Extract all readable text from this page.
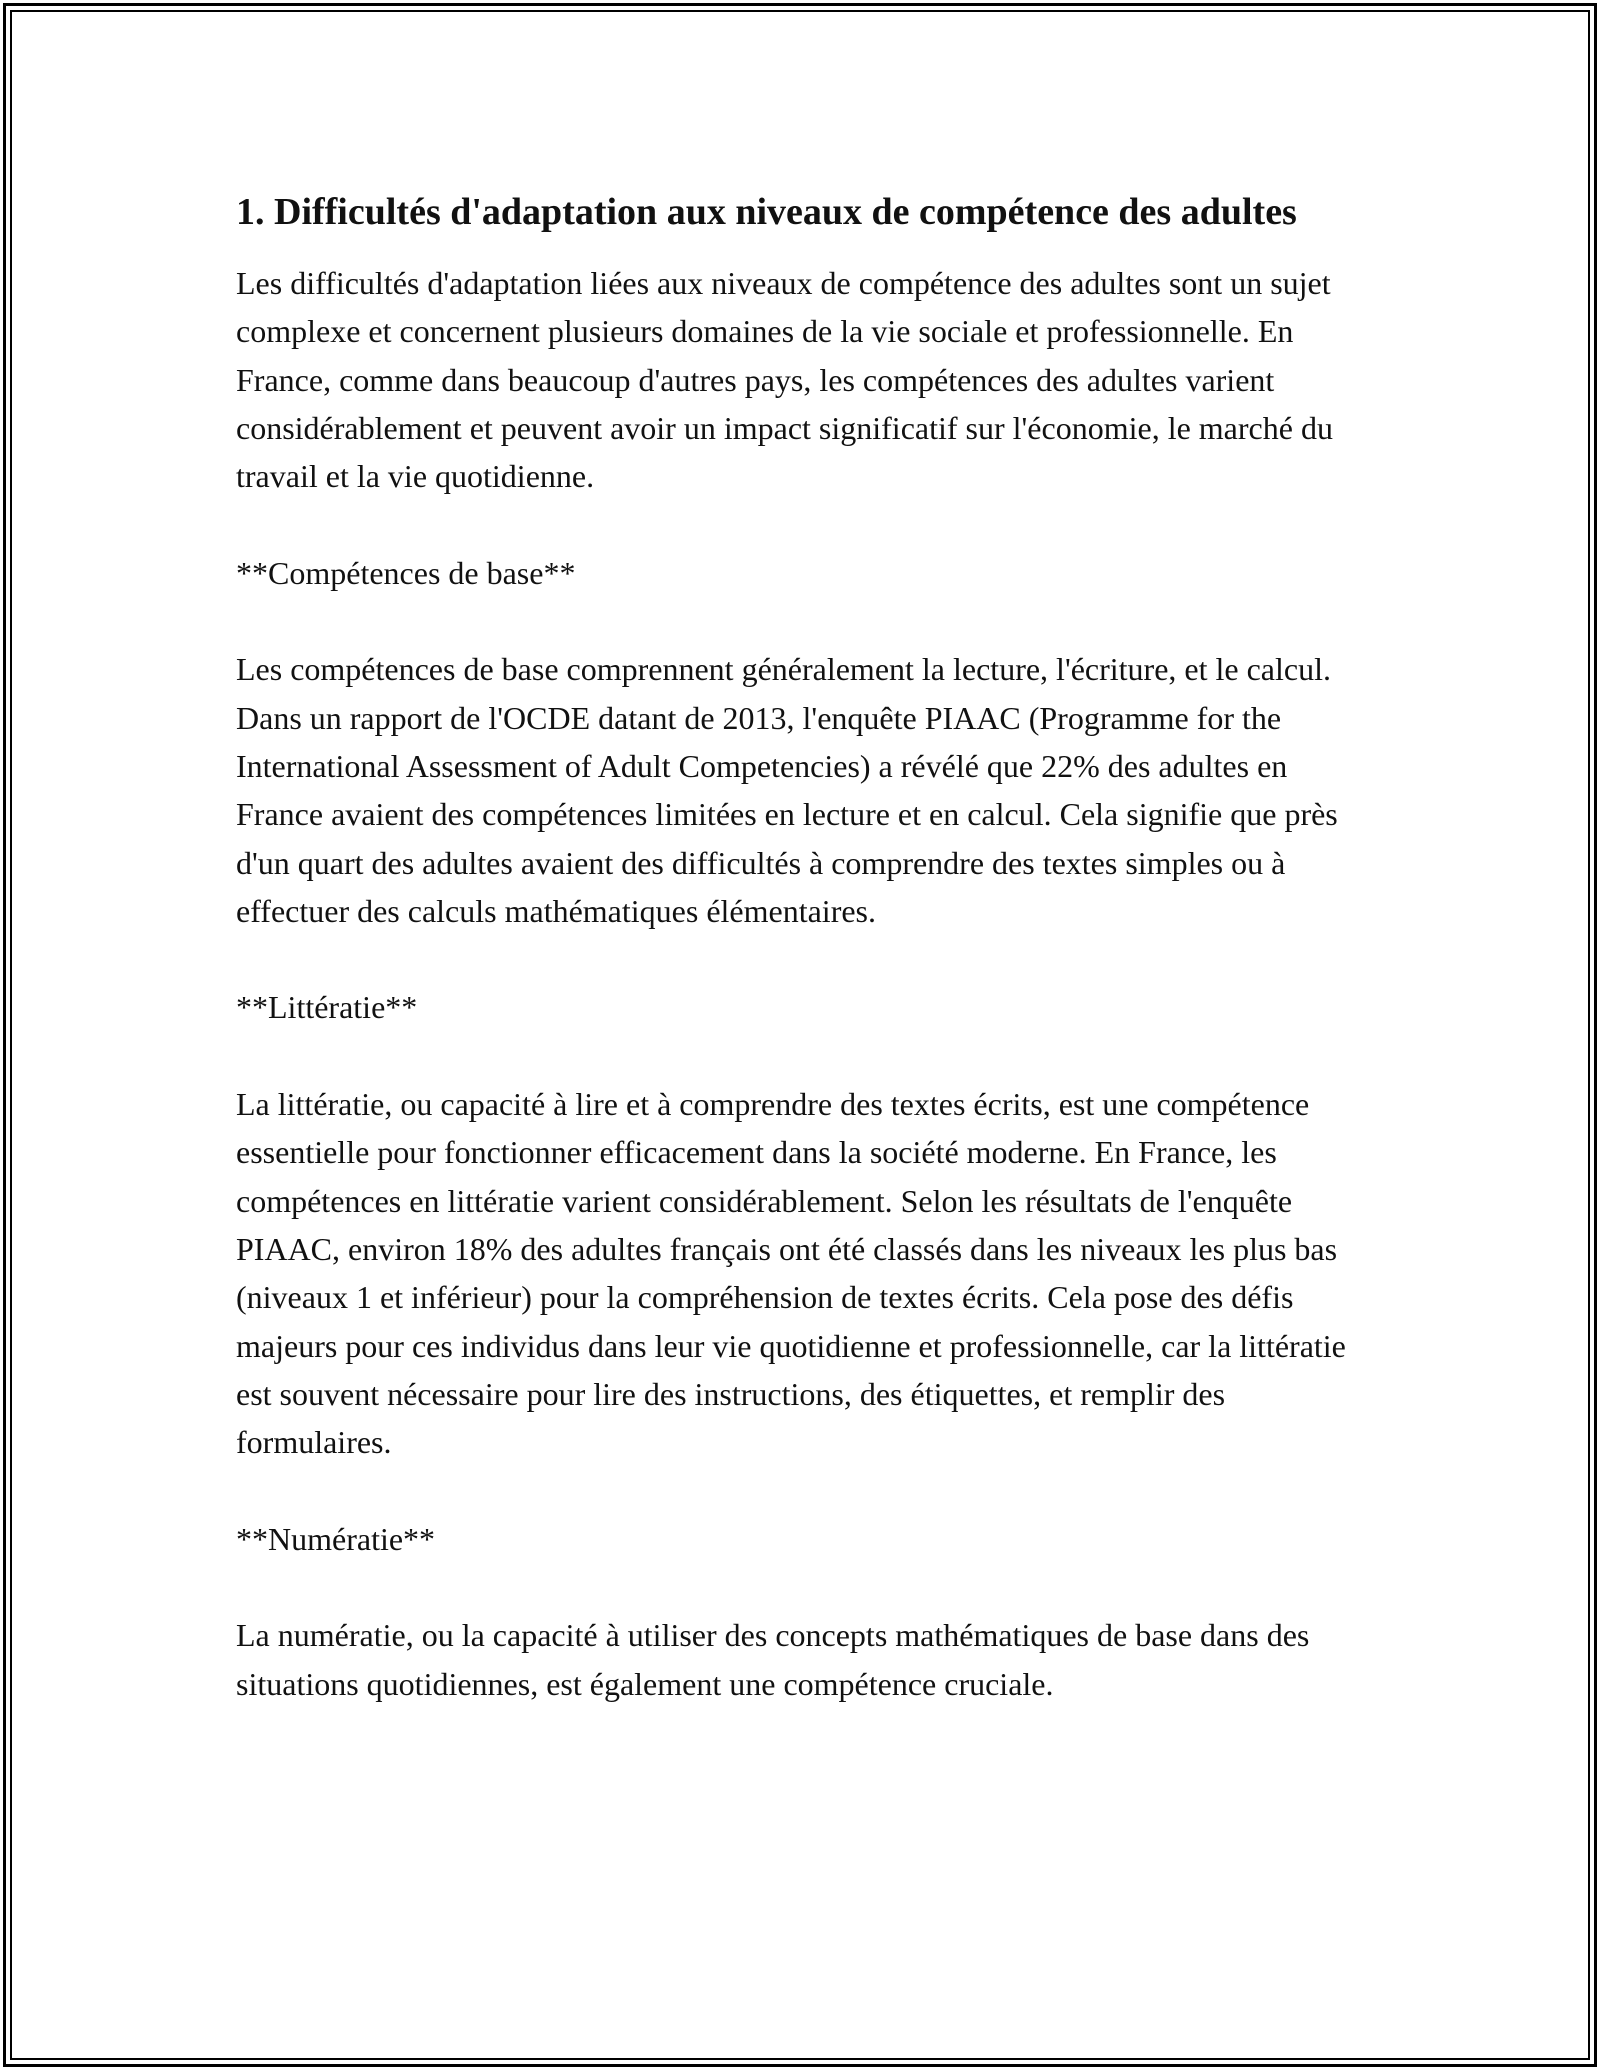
1. Difficultés d'adaptation aux niveaux de compétence des adultes

Les difficultés d'adaptation liées aux niveaux de compétence des adultes sont un sujet complexe et concernent plusieurs domaines de la vie sociale et professionnelle. En France, comme dans beaucoup d'autres pays, les compétences des adultes varient considérablement et peuvent avoir un impact significatif sur l'économie, le marché du travail et la vie quotidienne.

**Compétences de base**

Les compétences de base comprennent généralement la lecture, l'écriture, et le calcul. Dans un rapport de l'OCDE datant de 2013, l'enquête PIAAC (Programme for the International Assessment of Adult Competencies) a révélé que 22% des adultes en France avaient des compétences limitées en lecture et en calcul. Cela signifie que près d'un quart des adultes avaient des difficultés à comprendre des textes simples ou à effectuer des calculs mathématiques élémentaires.

**Littératie**

La littératie, ou capacité à lire et à comprendre des textes écrits, est une compétence essentielle pour fonctionner efficacement dans la société moderne. En France, les compétences en littératie varient considérablement. Selon les résultats de l'enquête PIAAC, environ 18% des adultes français ont été classés dans les niveaux les plus bas (niveaux 1 et inférieur) pour la compréhension de textes écrits. Cela pose des défis majeurs pour ces individus dans leur vie quotidienne et professionnelle, car la littératie est souvent nécessaire pour lire des instructions, des étiquettes, et remplir des formulaires.

**Numératie**

La numératie, ou la capacité à utiliser des concepts mathématiques de base dans des situations quotidiennes, est également une compétence cruciale.
